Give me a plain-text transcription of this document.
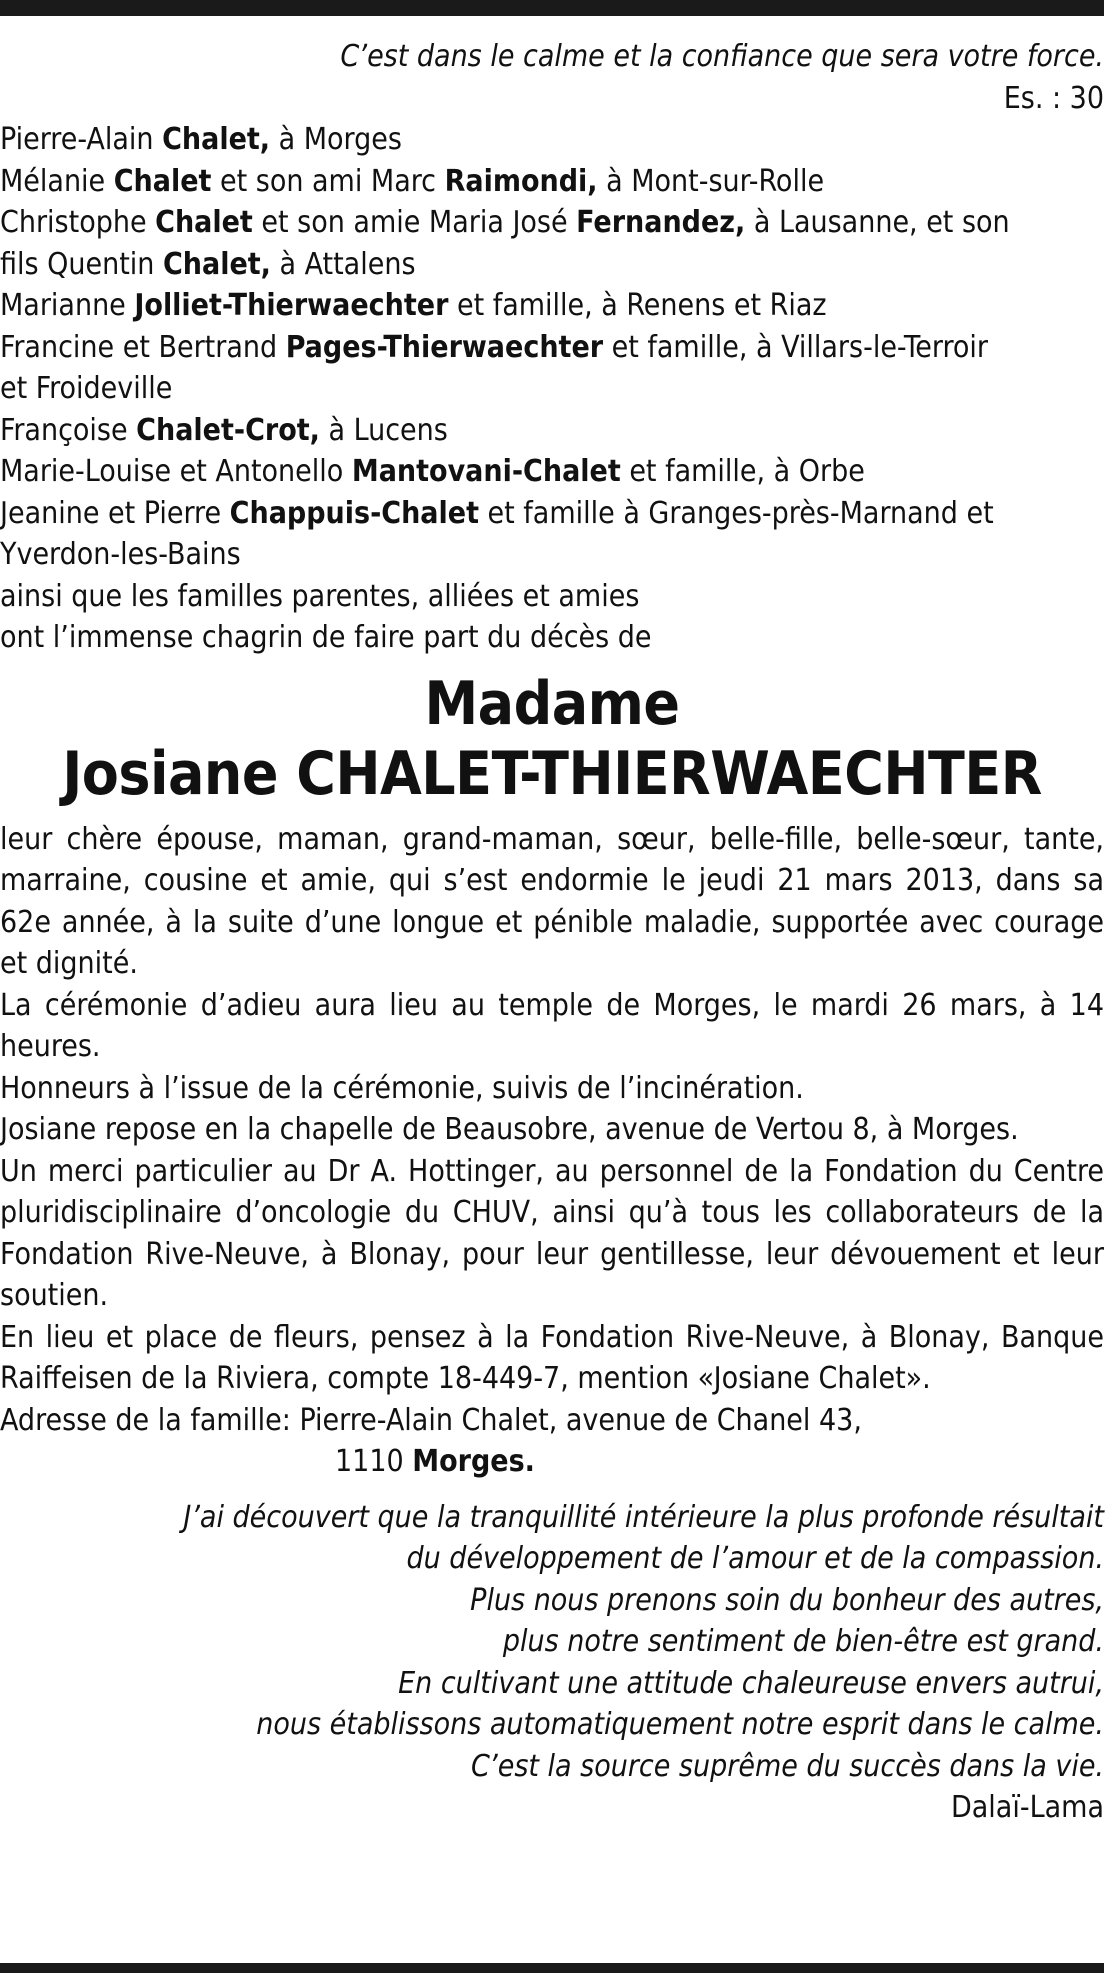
C’est dans le calme et la confiance que sera votre force.

Es. : 30

Pierre-Alain Chalet, à Morges

Mélanie Chalet et son ami Marc Raimondi, à Mont-sur-Rolle

Christophe Chalet et son amie Maria José Fernandez, à Lausanne, et son

fils Quentin Chalet, à Attalens

Marianne Jolliet-Thierwaechter et famille, à Renens et Riaz

Francine et Bertrand Pages-Thierwaechter et famille, à Villars-le-Terroir

et Froideville

Françoise Chalet-Crot, à Lucens

Marie-Louise et Antonello Mantovani-Chalet et famille, à Orbe

Jeanine et Pierre Chappuis-Chalet et famille à Granges-près-Marnand et

Yverdon-les-Bains

ainsi que les familles parentes, alliées et amies

ont l’immense chagrin de faire part du décès de

Madame

Josiane CHALET-THIERWAECHTER

leur chère épouse, maman, grand-maman, sœur, belle-fille, belle-sœur, tante, marraine, cousine et amie, qui s’est endormie le jeudi 21 mars 2013, dans sa 62e année, à la suite d’une longue et pénible maladie, supportée avec courage et dignité.

La cérémonie d’adieu aura lieu au temple de Morges, le mardi 26 mars, à 14 heures.

Honneurs à l’issue de la cérémonie, suivis de l’incinération.

Josiane repose en la chapelle de Beausobre, avenue de Vertou 8, à Morges.

Un merci particulier au Dr A. Hottinger, au personnel de la Fondation du Centre pluridisciplinaire d’oncologie du CHUV, ainsi qu’à tous les collaborateurs de la Fondation Rive-Neuve, à Blonay, pour leur gentillesse, leur dévouement et leur soutien.

En lieu et place de fleurs, pensez à la Fondation Rive-Neuve, à Blonay, Banque Raiffeisen de la Riviera, compte 18-449-7, mention «Josiane Chalet».

Adresse de la famille: Pierre-Alain Chalet, avenue de Chanel 43,

1110 Morges.

J’ai découvert que la tranquillité intérieure la plus profonde résultait

du développement de l’amour et de la compassion.

Plus nous prenons soin du bonheur des autres,

plus notre sentiment de bien-être est grand.

En cultivant une attitude chaleureuse envers autrui,

nous établissons automatiquement notre esprit dans le calme.

C’est la source suprême du succès dans la vie.

Dalaï-Lama
